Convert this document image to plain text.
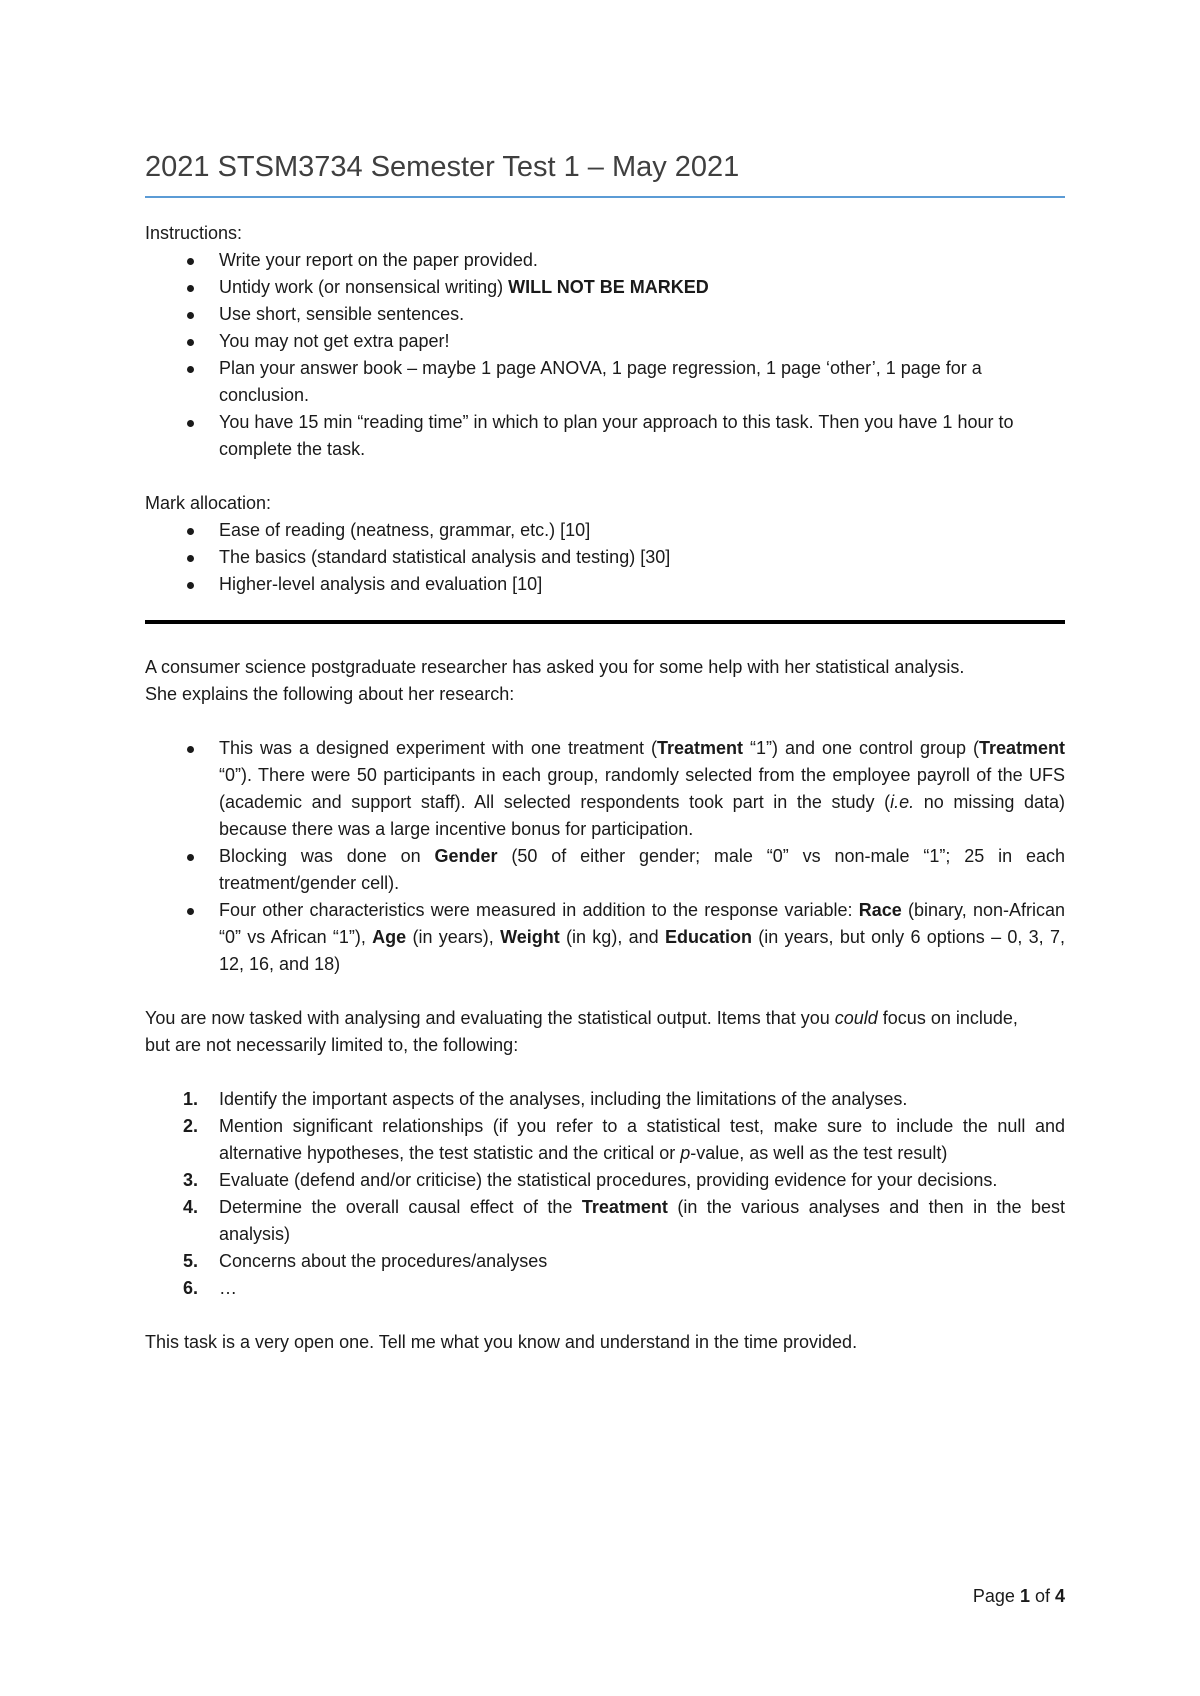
2021 STSM3734 Semester Test 1 – May 2021

Instructions:

Write your report on the paper provided.
Untidy work (or nonsensical writing) WILL NOT BE MARKED
Use short, sensible sentences.
You may not get extra paper!
Plan your answer book – maybe 1 page ANOVA, 1 page regression, 1 page ‘other’, 1 page for a conclusion.
You have 15 min “reading time” in which to plan your approach to this task. Then you have 1 hour to complete the task.

Mark allocation:

Ease of reading (neatness, grammar, etc.) [10]
The basics (standard statistical analysis and testing) [30]
Higher-level analysis and evaluation [10]

A consumer science postgraduate researcher has asked you for some help with her statistical analysis.
She explains the following about her research:

This was a designed experiment with one treatment (Treatment “1”) and one control group (Treatment “0”). There were 50 participants in each group, randomly selected from the employee payroll of the UFS (academic and support staff). All selected respondents took part in the study (i.e. no missing data) because there was a large incentive bonus for participation.
Blocking was done on Gender (50 of either gender; male “0” vs non-male “1”; 25 in each treatment/gender cell).
Four other characteristics were measured in addition to the response variable: Race (binary, non-African “0” vs African “1”), Age (in years), Weight (in kg), and Education (in years, but only 6 options – 0, 3, 7, 12, 16, and 18)

You are now tasked with analysing and evaluating the statistical output. Items that you could focus on include, but are not necessarily limited to, the following:

1. Identify the important aspects of the analyses, including the limitations of the analyses.
2. Mention significant relationships (if you refer to a statistical test, make sure to include the null and alternative hypotheses, the test statistic and the critical or p-value, as well as the test result)
3. Evaluate (defend and/or criticise) the statistical procedures, providing evidence for your decisions.
4. Determine the overall causal effect of the Treatment (in the various analyses and then in the best analysis)
5. Concerns about the procedures/analyses
6. …

This task is a very open one. Tell me what you know and understand in the time provided.

Page 1 of 4
